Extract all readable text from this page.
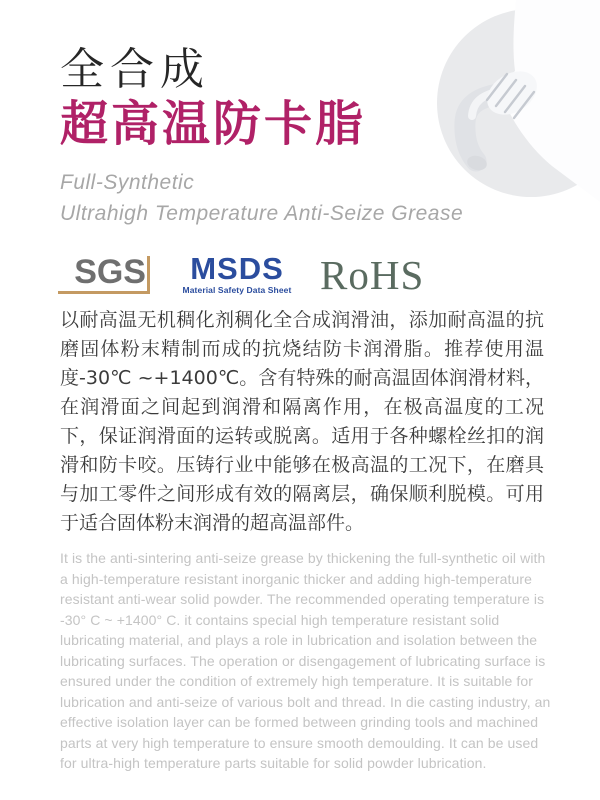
全合成
超高温防卡脂

Full-Synthetic

Ultrahigh Temperature Anti-Seize Grease

SGS	MSDS
Material Safety Data Sheet RoHS

以耐高温无机稠化剂稠化全合成润滑油，添加耐高温的抗磨固体粉末精制而成的抗烧结防卡润滑脂。推荐使用温度-30℃ ~+1400℃。含有特殊的耐高温固体润滑材料，在润滑面之间起到润滑和隔离作用，在极高温度的工况下，保证润滑面的运转或脱离。适用于各种螺栓丝扣的润滑和防卡咬。压铸行业中能够在极高温的工况下，在磨具与加工零件之间形成有效的隔离层，确保顺利脱模。可用于适合固体粉末润滑的超高温部件。

It is the anti-sintering anti-seize grease by thickening the full-synthetic oil with a high-temperature resistant inorganic thicker and adding high-temperature resistant anti-wear solid powder. The recommended operating temperature is -30° C ~ +1400° C. it contains special high temperature resistant solid lubricating material, and plays a role in lubrication and isolation between the lubricating surfaces. The operation or disengagement of lubricating surface is ensured under the condition of extremely high temperature. It is suitable for lubrication and anti-seize of various bolt and thread. In die casting industry, an effective isolation layer can be formed between grinding tools and machined parts at very high temperature to ensure smooth demoulding. It can be used for ultra-high temperature parts suitable for solid powder lubrication.
